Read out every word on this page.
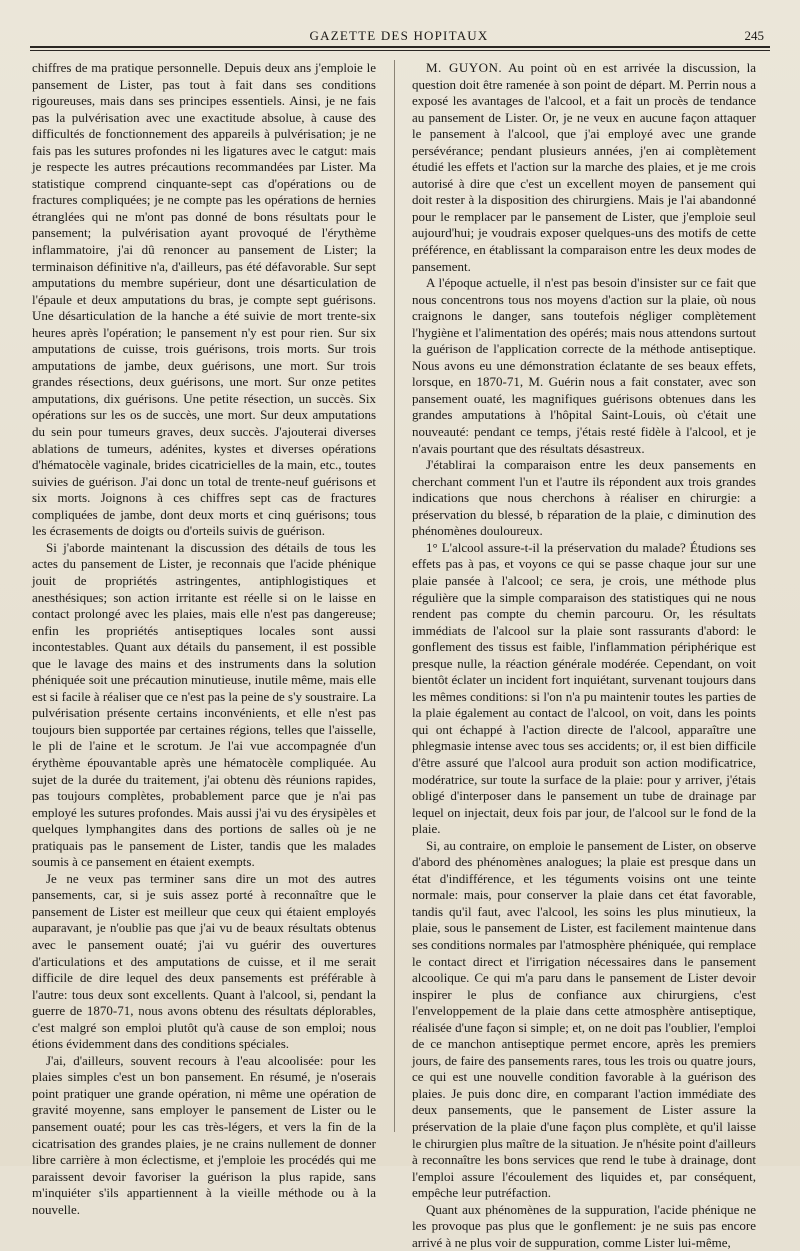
GAZETTE DES HOPITAUX	245

chiffres de ma pratique personnelle. Depuis deux ans j'emploie le pansement de Lister, pas tout à fait dans ses conditions rigoureuses, mais dans ses principes essentiels. Ainsi, je ne fais pas la pulvérisation avec une exactitude absolue, à cause des difficultés de fonctionnement des appareils à pulvérisation; je ne fais pas les sutures profondes ni les ligatures avec le catgut: mais je respecte les autres précautions recommandées par Lister. Ma statistique comprend cinquante-sept cas d'opérations ou de fractures compliquées; je ne compte pas les opérations de hernies étranglées qui ne m'ont pas donné de bons résultats pour le pansement; la pulvérisation ayant provoqué de l'érythème inflammatoire, j'ai dû renoncer au pansement de Lister; la terminaison définitive n'a, d'ailleurs, pas été défavorable. Sur sept amputations du membre supérieur, dont une désarticulation de l'épaule et deux amputations du bras, je compte sept guérisons. Une désarticulation de la hanche a été suivie de mort trente-six heures après l'opération; le pansement n'y est pour rien. Sur six amputations de cuisse, trois guérisons, trois morts. Sur trois amputations de jambe, deux guérisons, une mort. Sur trois grandes résections, deux guérisons, une mort. Sur onze petites amputations, dix guérisons. Une petite résection, un succès. Six opérations sur les os de succès, une mort. Sur deux amputations du sein pour tumeurs graves, deux succès. J'ajouterai diverses ablations de tumeurs, adénites, kystes et diverses opérations d'hématocèle vaginale, brides cicatricielles de la main, etc., toutes suivies de guérison. J'ai donc un total de trente-neuf guérisons et six morts. Joignons à ces chiffres sept cas de fractures compliquées de jambe, dont deux morts et cinq guérisons; tous les écrasements de doigts ou d'orteils suivis de guérison.

Si j'aborde maintenant la discussion des détails de tous les actes du pansement de Lister, je reconnais que l'acide phénique jouit de propriétés astringentes, antiphlogistiques et anesthésiques; son action irritante est réelle si on le laisse en contact prolongé avec les plaies, mais elle n'est pas dangereuse; enfin les propriétés antiseptiques locales sont aussi incontestables. Quant aux détails du pansement, il est possible que le lavage des mains et des instruments dans la solution phéniquée soit une précaution minutieuse, inutile même, mais elle est si facile à réaliser que ce n'est pas la peine de s'y soustraire. La pulvérisation présente certains inconvénients, et elle n'est pas toujours bien supportée par certaines régions, telles que l'aisselle, le pli de l'aine et le scrotum. Je l'ai vue accompagnée d'un érythème épouvantable après une hématocèle compliquée. Au sujet de la durée du traitement, j'ai obtenu dès réunions rapides, pas toujours complètes, probablement parce que je n'ai pas employé les sutures profondes. Mais aussi j'ai vu des érysipèles et quelques lymphangites dans des portions de salles où je ne pratiquais pas le pansement de Lister, tandis que les malades soumis à ce pansement en étaient exempts.

Je ne veux pas terminer sans dire un mot des autres pansements, car, si je suis assez porté à reconnaître que le pansement de Lister est meilleur que ceux qui étaient employés auparavant, je n'oublie pas que j'ai vu de beaux résultats obtenus avec le pansement ouaté; j'ai vu guérir des ouvertures d'articulations et des amputations de cuisse, et il me serait difficile de dire lequel des deux pansements est préférable à l'autre: tous deux sont excellents. Quant à l'alcool, si, pendant la guerre de 1870-71, nous avons obtenu des résultats déplorables, c'est malgré son emploi plutôt qu'à cause de son emploi; nous étions évidemment dans des conditions spéciales.

J'ai, d'ailleurs, souvent recours à l'eau alcoolisée: pour les plaies simples c'est un bon pansement. En résumé, je n'oserais point pratiquer une grande opération, ni même une opération de gravité moyenne, sans employer le pansement de Lister ou le pansement ouaté; pour les cas très-légers, et vers la fin de la cicatrisation des grandes plaies, je ne crains nullement de donner libre carrière à mon éclectisme, et j'emploie les procédés qui me paraissent devoir favoriser la guérison la plus rapide, sans m'inquiéter s'ils appartiennent à la vieille méthode ou à la nouvelle.

M. GUYON. Au point où en est arrivée la discussion, la question doit être ramenée à son point de départ. M. Perrin nous a exposé les avantages de l'alcool, et a fait un procès de tendance au pansement de Lister. Or, je ne veux en aucune façon attaquer le pansement à l'alcool, que j'ai employé avec une grande persévérance; pendant plusieurs années, j'en ai complètement étudié les effets et l'action sur la marche des plaies, et je me crois autorisé à dire que c'est un excellent moyen de pansement qui doit rester à la disposition des chirurgiens. Mais je l'ai abandonné pour le remplacer par le pansement de Lister, que j'emploie seul aujourd'hui; je voudrais exposer quelques-uns des motifs de cette préférence, en établissant la comparaison entre les deux modes de pansement.

A l'époque actuelle, il n'est pas besoin d'insister sur ce fait que nous concentrons tous nos moyens d'action sur la plaie, où nous craignons le danger, sans toutefois négliger complètement l'hygiène et l'alimentation des opérés; mais nous attendons surtout la guérison de l'application correcte de la méthode antiseptique. Nous avons eu une démonstration éclatante de ses beaux effets, lorsque, en 1870-71, M. Guérin nous a fait constater, avec son pansement ouaté, les magnifiques guérisons obtenues dans les grandes amputations à l'hôpital Saint-Louis, où c'était une nouveauté: pendant ce temps, j'étais resté fidèle à l'alcool, et je n'avais pourtant que des résultats désastreux.

J'établirai la comparaison entre les deux pansements en cherchant comment l'un et l'autre ils répondent aux trois grandes indications que nous cherchons à réaliser en chirurgie: a préservation du blessé, b réparation de la plaie, c diminution des phénomènes douloureux.

1° L'alcool assure-t-il la préservation du malade? Étudions ses effets pas à pas, et voyons ce qui se passe chaque jour sur une plaie pansée à l'alcool; ce sera, je crois, une méthode plus régulière que la simple comparaison des statistiques qui ne nous rendent pas compte du chemin parcouru. Or, les résultats immédiats de l'alcool sur la plaie sont rassurants d'abord: le gonflement des tissus est faible, l'inflammation périphérique est presque nulle, la réaction générale modérée. Cependant, on voit bientôt éclater un incident fort inquiétant, survenant toujours dans les mêmes conditions: si l'on n'a pu maintenir toutes les parties de la plaie également au contact de l'alcool, on voit, dans les points qui ont échappé à l'action directe de l'alcool, apparaître une phlegmasie intense avec tous ses accidents; or, il est bien difficile d'être assuré que l'alcool aura produit son action modificatrice, modératrice, sur toute la surface de la plaie: pour y arriver, j'étais obligé d'interposer dans le pansement un tube de drainage par lequel on injectait, deux fois par jour, de l'alcool sur le fond de la plaie.

Si, au contraire, on emploie le pansement de Lister, on observe d'abord des phénomènes analogues; la plaie est presque dans un état d'indifférence, et les téguments voisins ont une teinte normale: mais, pour conserver la plaie dans cet état favorable, tandis qu'il faut, avec l'alcool, les soins les plus minutieux, la plaie, sous le pansement de Lister, est facilement maintenue dans ses conditions normales par l'atmosphère phéniquée, qui remplace le contact direct et l'irrigation nécessaires dans le pansement alcoolique. Ce qui m'a paru dans le pansement de Lister devoir inspirer le plus de confiance aux chirurgiens, c'est l'enveloppement de la plaie dans cette atmosphère antiseptique, réalisée d'une façon si simple; et, on ne doit pas l'oublier, l'emploi de ce manchon antiseptique permet encore, après les premiers jours, de faire des pansements rares, tous les trois ou quatre jours, ce qui est une nouvelle condition favorable à la guérison des plaies. Je puis donc dire, en comparant l'action immédiate des deux pansements, que le pansement de Lister assure la préservation de la plaie d'une façon plus complète, et qu'il laisse le chirurgien plus maître de la situation. Je n'hésite point d'ailleurs à reconnaître les bons services que rend le tube à drainage, dont l'emploi assure l'écoulement des liquides et, par conséquent, empêche leur putréfaction.

Quant aux phénomènes de la suppuration, l'acide phénique ne les provoque pas plus que le gonflement: je ne suis pas encore arrivé à ne plus voir de suppuration, comme Lister lui-même,
